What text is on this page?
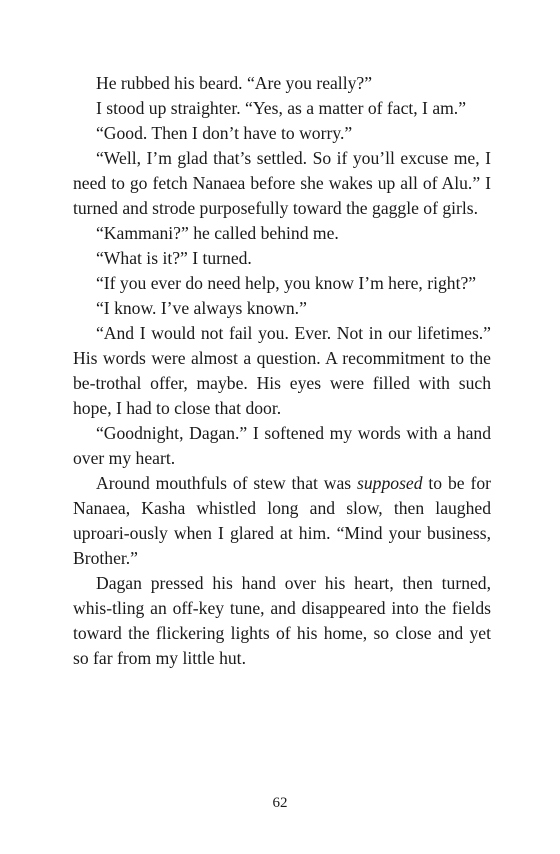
He rubbed his beard. “Are you really?”

I stood up straighter. “Yes, as a matter of fact, I am.”

“Good. Then I don’t have to worry.”

“Well, I’m glad that’s settled. So if you’ll excuse me, I need to go fetch Nanaea before she wakes up all of Alu.” I turned and strode purposefully toward the gaggle of girls.

“Kammani?” he called behind me.

“What is it?” I turned.

“If you ever do need help, you know I’m here, right?”

“I know. I’ve always known.”

“And I would not fail you. Ever. Not in our lifetimes.” His words were almost a question. A recommitment to the be-trothal offer, maybe. His eyes were filled with such hope, I had to close that door.

“Goodnight, Dagan.” I softened my words with a hand over my heart.

Around mouthfuls of stew that was supposed to be for Nanaea, Kasha whistled long and slow, then laughed uproari-ously when I glared at him. “Mind your business, Brother.”

Dagan pressed his hand over his heart, then turned, whis-tling an off-key tune, and disappeared into the fields toward the flickering lights of his home, so close and yet so far from my little hut.

62
